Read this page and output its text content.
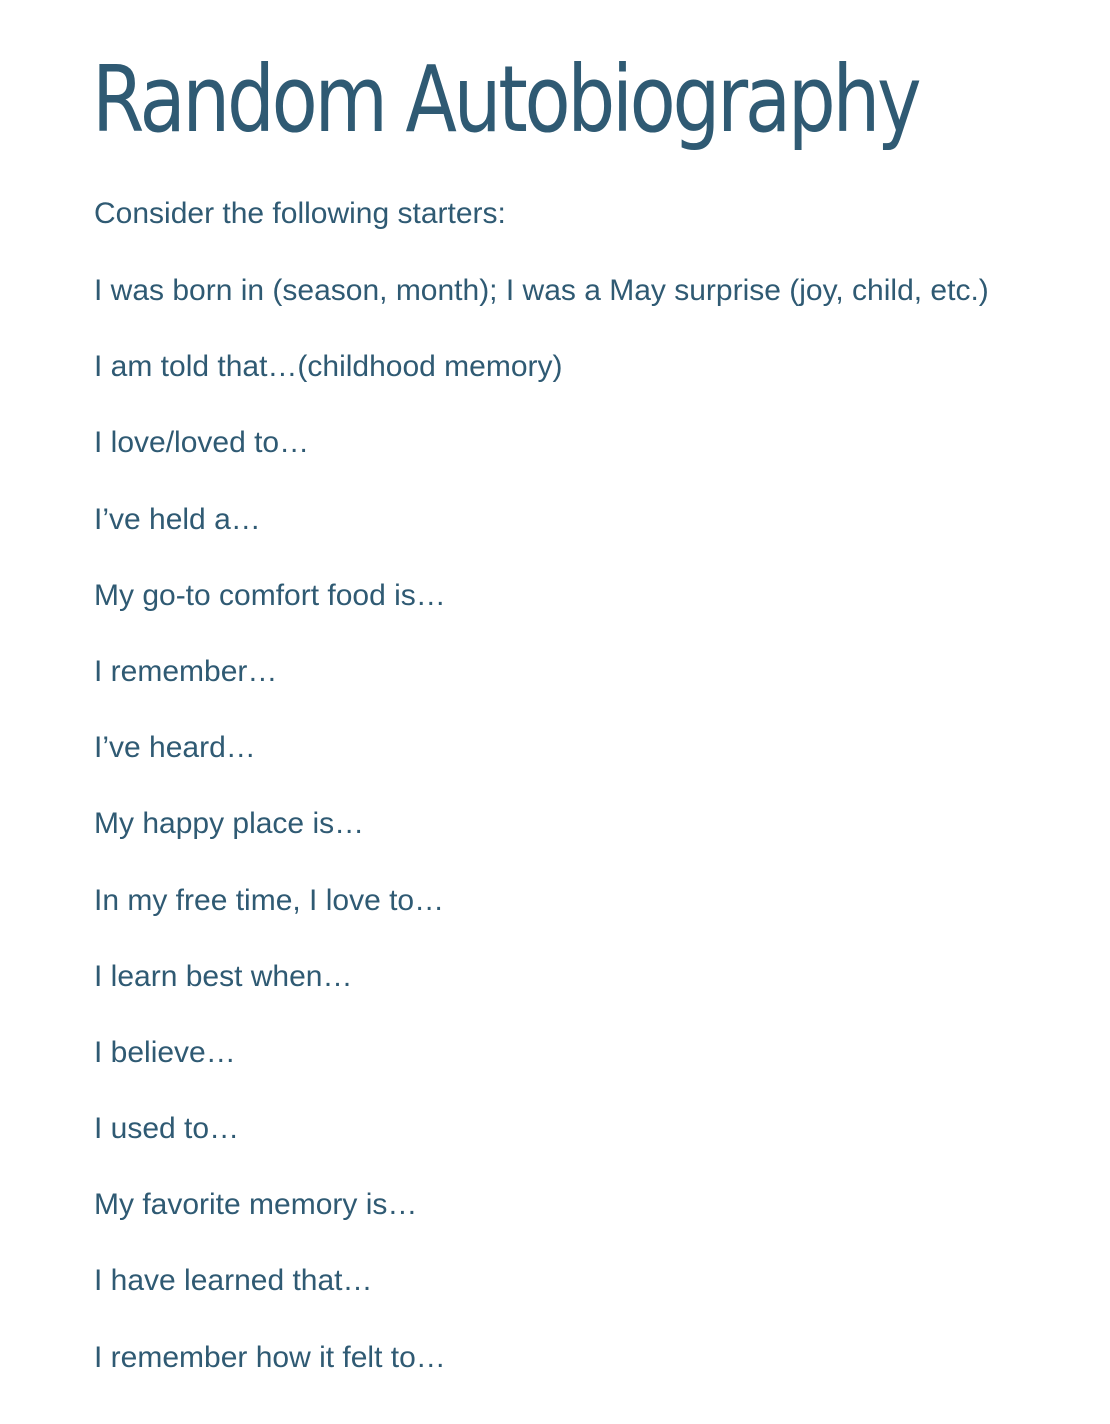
Random Autobiography

Consider the following starters:

I was born in (season, month); I was a May surprise (joy, child, etc.)
I am told that…(childhood memory)
I love/loved to…
I’ve held a…
My go-to comfort food is…
I remember…
I’ve heard…
My happy place is…
In my free time, I love to…
I learn best when…
I believe…
I used to…
My favorite memory is…
I have learned that…
I remember how it felt to…
